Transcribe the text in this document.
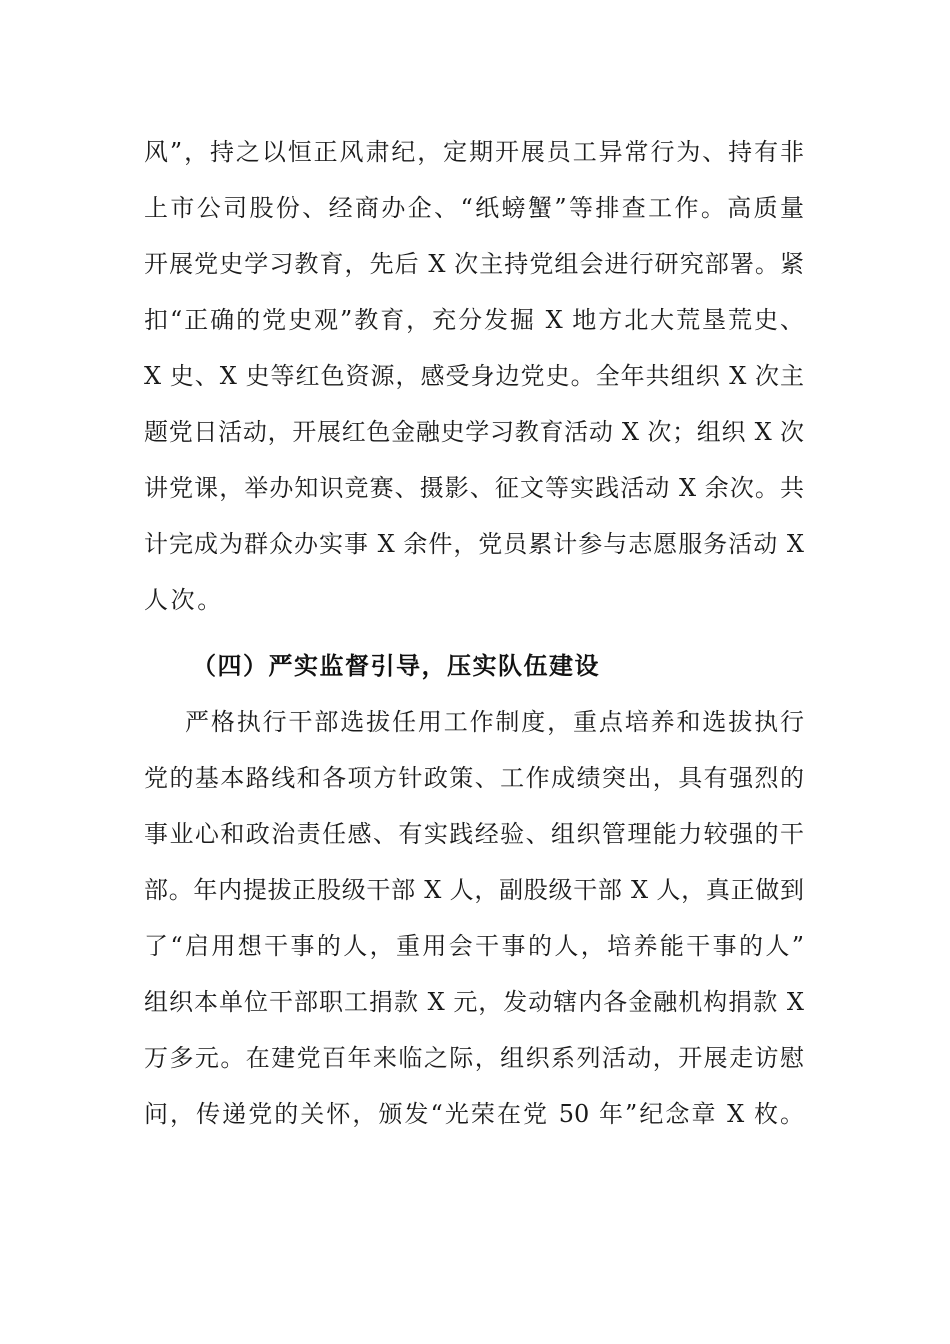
风”，持之以恒正风肃纪，定期开展员工异常行为、持有非
上市公司股份、经商办企、“纸螃蟹”等排查工作。高质量
开展党史学习教育，先后 X 次主持党组会进行研究部署。紧
扣“正确的党史观”教育，充分发掘 X 地方北大荒垦荒史、
X 史、X 史等红色资源，感受身边党史。全年共组织 X 次主
题党日活动，开展红色金融史学习教育活动 X 次；组织 X 次
讲党课，举办知识竞赛、摄影、征文等实践活动 X 余次。共
计完成为群众办实事 X 余件，党员累计参与志愿服务活动 X
人次。
（四）严实监督引导，压实队伍建设
严格执行干部选拔任用工作制度，重点培养和选拔执行
党的基本路线和各项方针政策、工作成绩突出，具有强烈的
事业心和政治责任感、有实践经验、组织管理能力较强的干
部。年内提拔正股级干部 X 人，副股级干部 X 人，真正做到
了“启用想干事的人，重用会干事的人，培养能干事的人”
组织本单位干部职工捐款 X 元，发动辖内各金融机构捐款 X
万多元。在建党百年来临之际，组织系列活动，开展走访慰
问，传递党的关怀，颁发“光荣在党 50 年”纪念章 X 枚。
